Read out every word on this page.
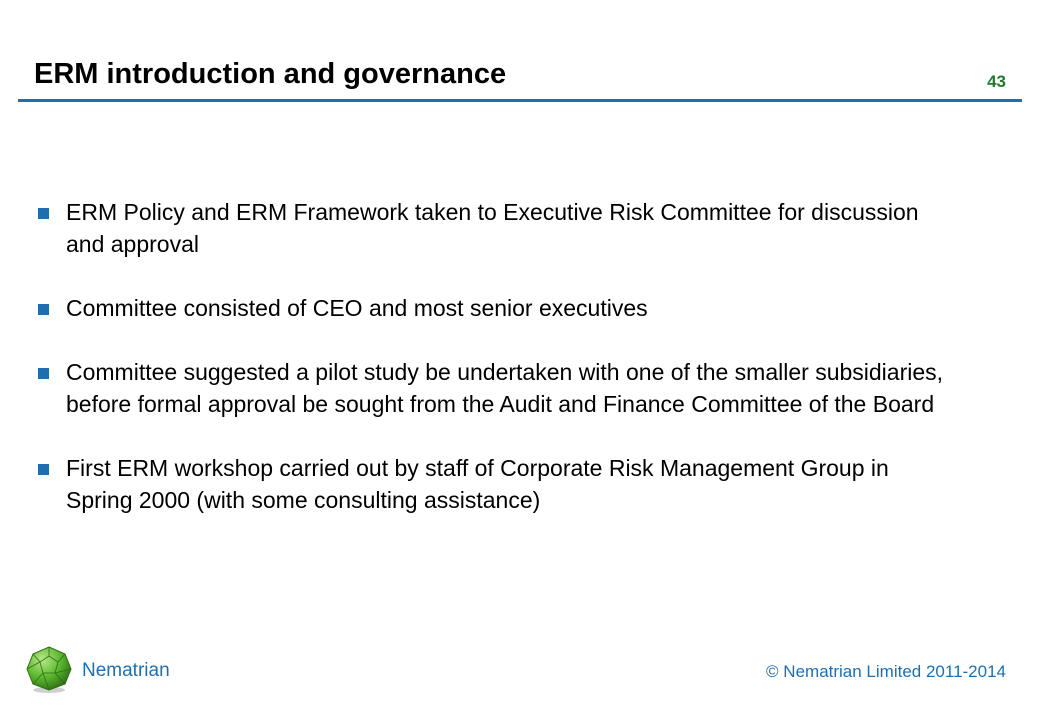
ERM introduction and governance	43
ERM Policy and ERM Framework taken to Executive Risk Committee for discussion and approval
Committee consisted of CEO and most senior executives
Committee suggested a pilot study be undertaken with one of the smaller subsidiaries, before formal approval be sought from the Audit and Finance Committee of the Board
First ERM workshop carried out by staff of Corporate Risk Management Group in Spring 2000 (with some consulting assistance)
Nematrian	© Nematrian Limited 2011-2014
